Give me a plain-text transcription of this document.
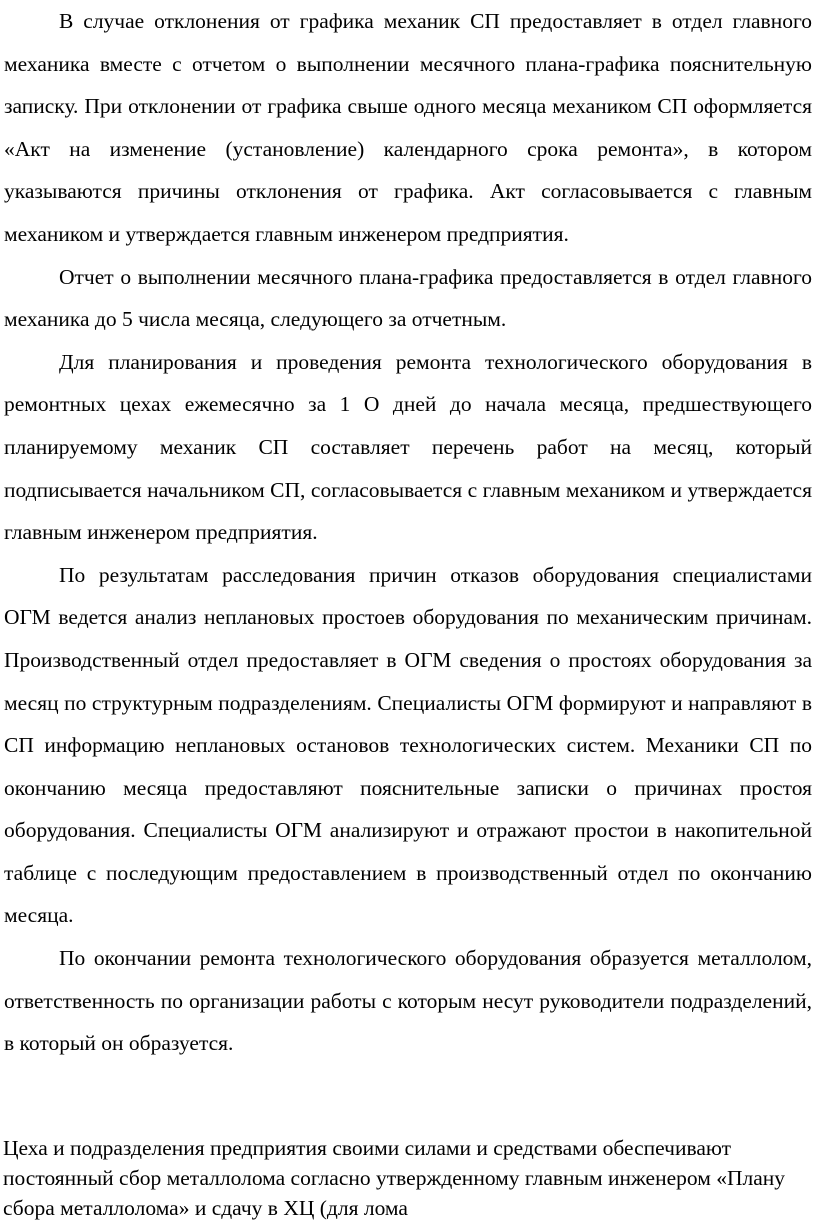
В случае отклонения от графика механик СП предоставляет в отдел главного механика вместе с отчетом о выполнении месячного плана-графика пояснительную записку. При отклонении от графика свыше одного месяца механиком СП оформляется «Акт на изменение (установление) календарного срока ремонта», в котором указываются причины отклонения от графика. Акт согласовывается с главным механиком и утверждается главным инженером предприятия.

Отчет о выполнении месячного плана-графика предоставляется в отдел главного механика до 5 числа месяца, следующего за отчетным.

Для планирования и проведения ремонта технологического оборудования в ремонтных цехах ежемесячно за 1 О дней до начала месяца, предшествующего планируемому механик СП составляет перечень работ на месяц, который подписывается начальником СП, согласовывается с главным механиком и утверждается главным инженером предприятия.

По результатам расследования причин отказов оборудования специалистами ОГМ ведется анализ неплановых простоев оборудования по механическим причинам. Производственный отдел предоставляет в ОГМ сведения о простоях оборудования за месяц по структурным подразделениям. Специалисты ОГМ формируют и направляют в СП информацию неплановых остановов технологических систем. Механики СП по окончанию месяца предоставляют пояснительные записки о причинах простоя оборудования. Специалисты ОГМ анализируют и отражают простои в накопительной таблице с последующим предоставлением в производственный отдел по окончанию месяца.

По окончании ремонта технологического оборудования образуется металлолом, ответственность по организации работы с которым несут руководители подразделений, в который он образуется.

Цеха и подразделения предприятия своими силами и средствами обеспечивают постоянный сбор металлолома согласно утвержденному главным инженером «Плану сбора металлолома» и сдачу в ХЦ (для лома
